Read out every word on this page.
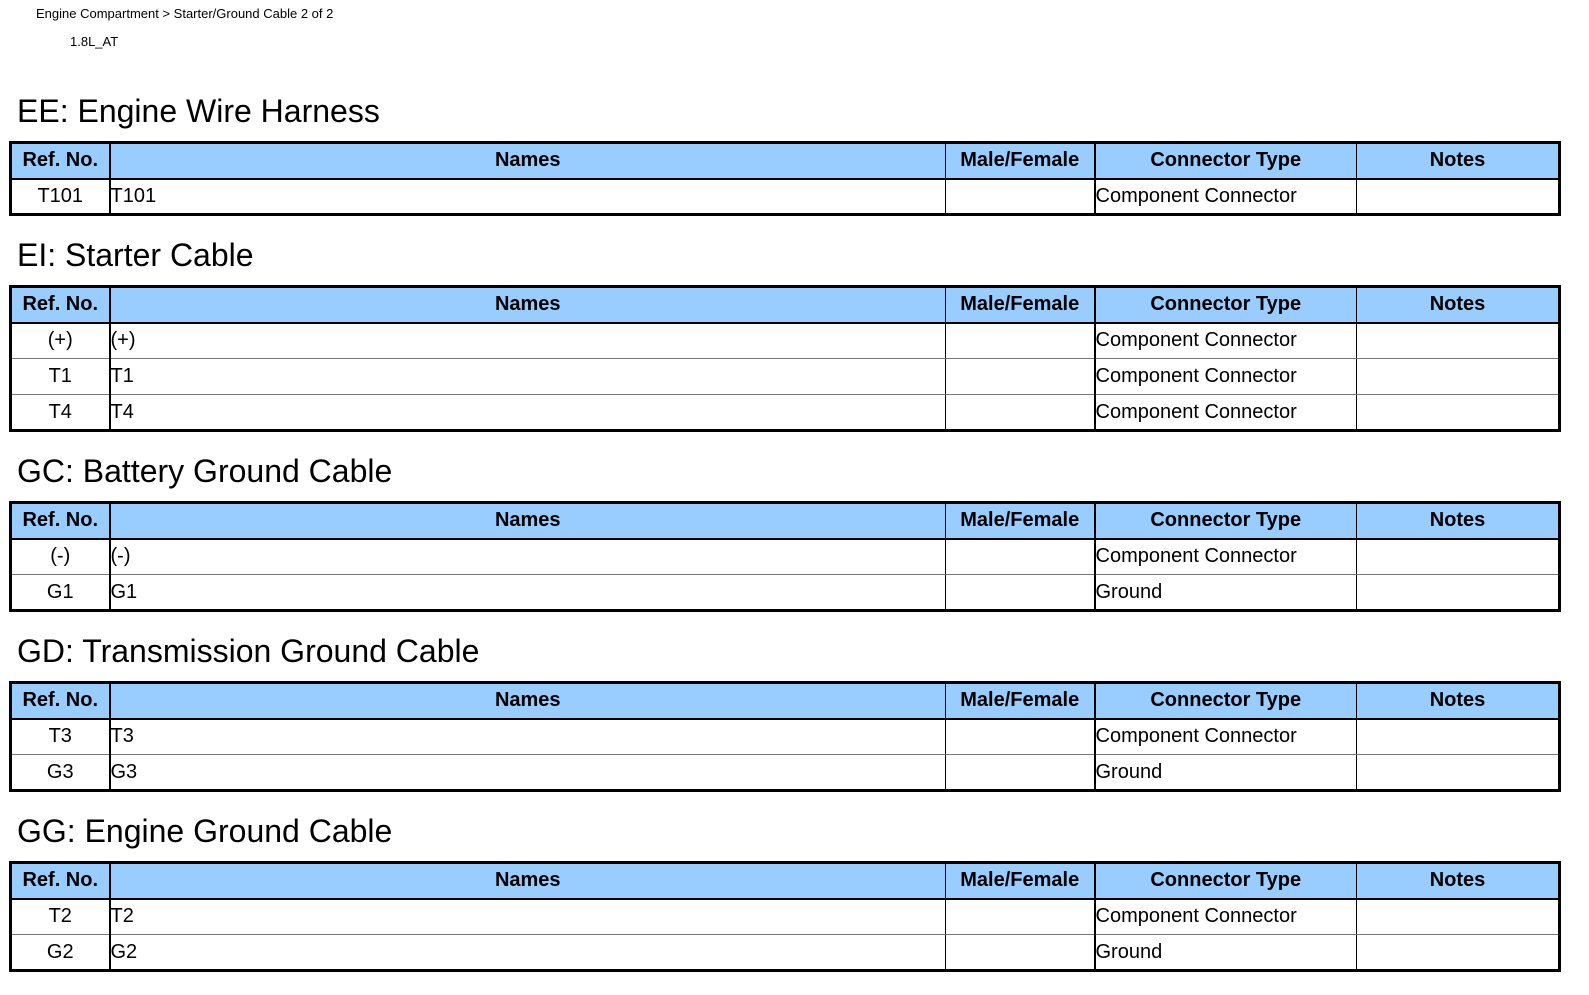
Engine Compartment > Starter/Ground Cable 2 of 2
1.8L_AT
EE: Engine Wire Harness
Ref. No.	Names	Male/Female	Connector Type	Notes
T101	T101		Component Connector	
EI: Starter Cable
Ref. No.	Names	Male/Female	Connector Type	Notes
(+)	(+)		Component Connector	
T1	T1		Component Connector	
T4	T4		Component Connector	
GC: Battery Ground Cable
Ref. No.	Names	Male/Female	Connector Type	Notes
(-)	(-)		Component Connector	
G1	G1		Ground	
GD: Transmission Ground Cable
Ref. No.	Names	Male/Female	Connector Type	Notes
T3	T3		Component Connector	
G3	G3		Ground	
GG: Engine Ground Cable
Ref. No.	Names	Male/Female	Connector Type	Notes
T2	T2		Component Connector	
G2	G2		Ground	
